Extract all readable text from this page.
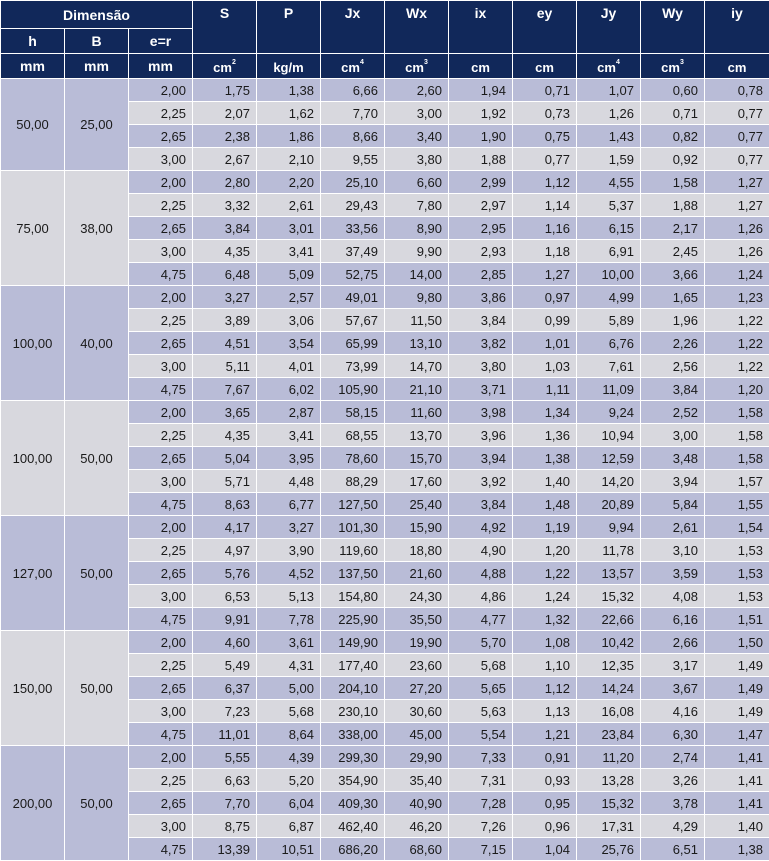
Dimensão			S	P	Jx	Wx	ix	ey	Jy	Wy	iy
h	B	e=r									
mm	mm	mm	$cm^2$	kg/m	$cm^4$	$cm^3$	cm	cm	$cm^4$	$cm^3$	cm
50,00	25,00	2,00	1,75	1,38	6,66	2,60	1,94	0,71	1,07	0,60	0,78
		2,25	2,07	1,62	7,70	3,00	1,92	0,73	1,26	0,71	0,77
		2,65	2,38	1,86	8,66	3,40	1,90	0,75	1,43	0,82	0,77
		3,00	2,67	2,10	9,55	3,80	1,88	0,77	1,59	0,92	0,77
75,00	38,00	2,00	2,80	2,20	25,10	6,60	2,99	1,12	4,55	1,58	1,27
		2,25	3,32	2,61	29,43	7,80	2,97	1,14	5,37	1,88	1,27
		2,65	3,84	3,01	33,56	8,90	2,95	1,16	6,15	2,17	1,26
		3,00	4,35	3,41	37,49	9,90	2,93	1,18	6,91	2,45	1,26
		4,75	6,48	5,09	52,75	14,00	2,85	1,27	10,00	3,66	1,24
100,00	40,00	2,00	3,27	2,57	49,01	9,80	3,86	0,97	4,99	1,65	1,23
		2,25	3,89	3,06	57,67	11,50	3,84	0,99	5,89	1,96	1,22
		2,65	4,51	3,54	65,99	13,10	3,82	1,01	6,76	2,26	1,22
		3,00	5,11	4,01	73,99	14,70	3,80	1,03	7,61	2,56	1,22
		4,75	7,67	6,02	105,90	21,10	3,71	1,11	11,09	3,84	1,20
100,00	50,00	2,00	3,65	2,87	58,15	11,60	3,98	1,34	9,24	2,52	1,58
		2,25	4,35	3,41	68,55	13,70	3,96	1,36	10,94	3,00	1,58
		2,65	5,04	3,95	78,60	15,70	3,94	1,38	12,59	3,48	1,58
		3,00	5,71	4,48	88,29	17,60	3,92	1,40	14,20	3,94	1,57
		4,75	8,63	6,77	127,50	25,40	3,84	1,48	20,89	5,84	1,55
127,00	50,00	2,00	4,17	3,27	101,30	15,90	4,92	1,19	9,94	2,61	1,54
		2,25	4,97	3,90	119,60	18,80	4,90	1,20	11,78	3,10	1,53
		2,65	5,76	4,52	137,50	21,60	4,88	1,22	13,57	3,59	1,53
		3,00	6,53	5,13	154,80	24,30	4,86	1,24	15,32	4,08	1,53
		4,75	9,91	7,78	225,90	35,50	4,77	1,32	22,66	6,16	1,51
150,00	50,00	2,00	4,60	3,61	149,90	19,90	5,70	1,08	10,42	2,66	1,50
		2,25	5,49	4,31	177,40	23,60	5,68	1,10	12,35	3,17	1,49
		2,65	6,37	5,00	204,10	27,20	5,65	1,12	14,24	3,67	1,49
		3,00	7,23	5,68	230,10	30,60	5,63	1,13	16,08	4,16	1,49
		4,75	11,01	8,64	338,00	45,00	5,54	1,21	23,84	6,30	1,47
200,00	50,00	2,00	5,55	4,39	299,30	29,90	7,33	0,91	11,20	2,74	1,41
		2,25	6,63	5,20	354,90	35,40	7,31	0,93	13,28	3,26	1,41
		2,65	7,70	6,04	409,30	40,90	7,28	0,95	15,32	3,78	1,41
		3,00	8,75	6,87	462,40	46,20	7,26	0,96	17,31	4,29	1,40
		4,75	13,39	10,51	686,20	68,60	7,15	1,04	25,76	6,51	1,38
